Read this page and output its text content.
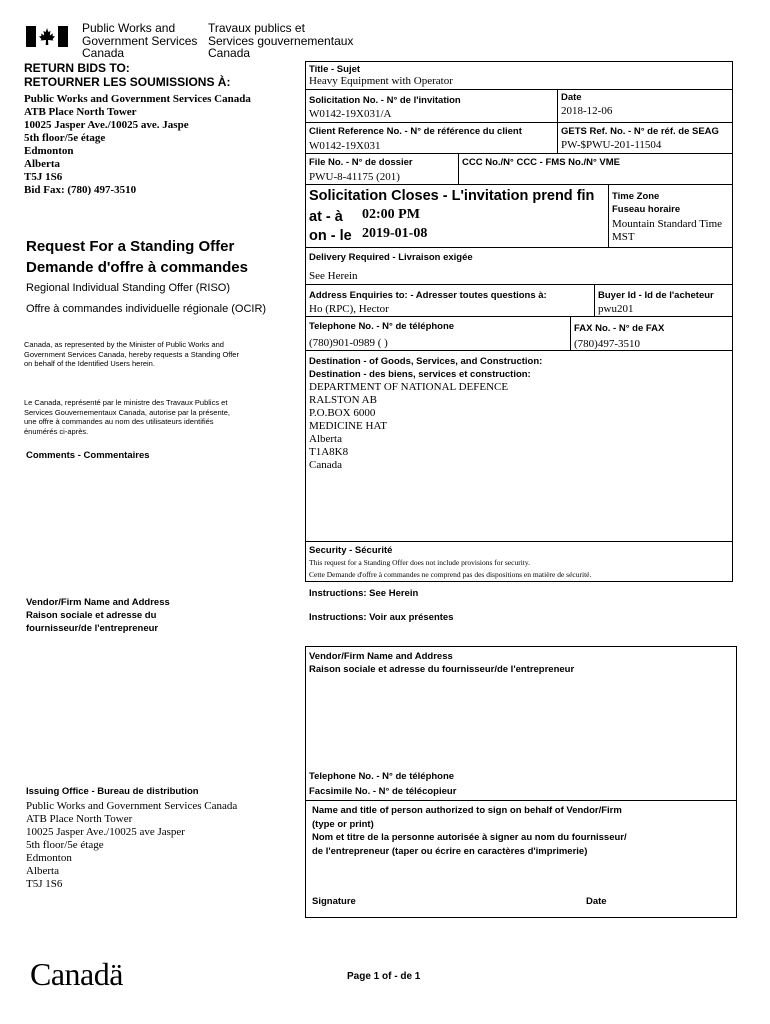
Public Works and
Government Services
Canada
Travaux publics et
Services gouvernementaux
Canada
RETURN BIDS TO:
RETOURNER LES SOUMISSIONS À:
Public Works and Government Services Canada
ATB Place North Tower
10025 Jasper Ave./10025 ave. Jaspe
5th floor/5e étage
Edmonton
Alberta
T5J 1S6
Bid Fax: (780) 497-3510
Request For a Standing Offer
Demande d'offre à commandes
Regional Individual Standing Offer (RISO)
Offre à commandes individuelle régionale (OCIR)
Canada, as represented by the Minister of Public Works and
Government Services Canada, hereby requests a Standing Offer
on behalf of the Identified Users herein.
Le Canada, représenté par le ministre des Travaux Publics et
Services Gouvernementaux Canada, autorise par la présente,
une offre à commandes au nom des utilisateurs identifiés
énumérés ci-après.
Comments - Commentaires
Vendor/Firm Name and Address
Raison sociale et adresse du
fournisseur/de l'entrepreneur
Issuing Office - Bureau de distribution
Public Works and Government Services Canada
ATB Place North Tower
10025 Jasper Ave./10025 ave Jasper
5th floor/5e étage
Edmonton
Alberta
T5J 1S6
Title - Sujet
Heavy Equipment with Operator
Solicitation No. - N° de l'invitation
W0142-19X031/A
Date
2018-12-06
Client Reference No. - N° de référence du client
W0142-19X031
GETS Ref. No. - N° de réf. de SEAG
PW-$PWU-201-11504
File No. - N° de dossier
PWU-8-41175 (201)
CCC No./N° CCC - FMS No./N° VME
Solicitation Closes - L'invitation prend fin
at - à 02:00 PM
on - le 2019-01-08
Time Zone
Fuseau horaire
Mountain Standard Time
MST
Delivery Required - Livraison exigée
See Herein
Address Enquiries to: - Adresser toutes questions à:
Ho (RPC), Hector
Buyer Id - Id de l'acheteur
pwu201
Telephone No. - N° de téléphone
(780)901-0989 ( )
FAX No. - N° de FAX
(780)497-3510
Destination - of Goods, Services, and Construction:
Destination - des biens, services et construction:
DEPARTMENT OF NATIONAL DEFENCE
RALSTON AB
P.O.BOX 6000
MEDICINE HAT
Alberta
T1A8K8
Canada
Security - Sécurité
This request for a Standing Offer does not include provisions for security.
Cette Demande d'offre à commandes ne comprend pas des dispositions en matière de sécurité.
Instructions: See Herein
Instructions: Voir aux présentes
Vendor/Firm Name and Address
Raison sociale et adresse du fournisseur/de l'entrepreneur
Telephone No. - N° de téléphone
Facsimile No. - N° de télécopieur
Name and title of person authorized to sign on behalf of Vendor/Firm
(type or print)
Nom et titre de la personne autorisée à signer au nom du fournisseur/
de l'entrepreneur (taper ou écrire en caractères d'imprimerie)
Signature	Date
Canadä	Page 1 of - de 1
